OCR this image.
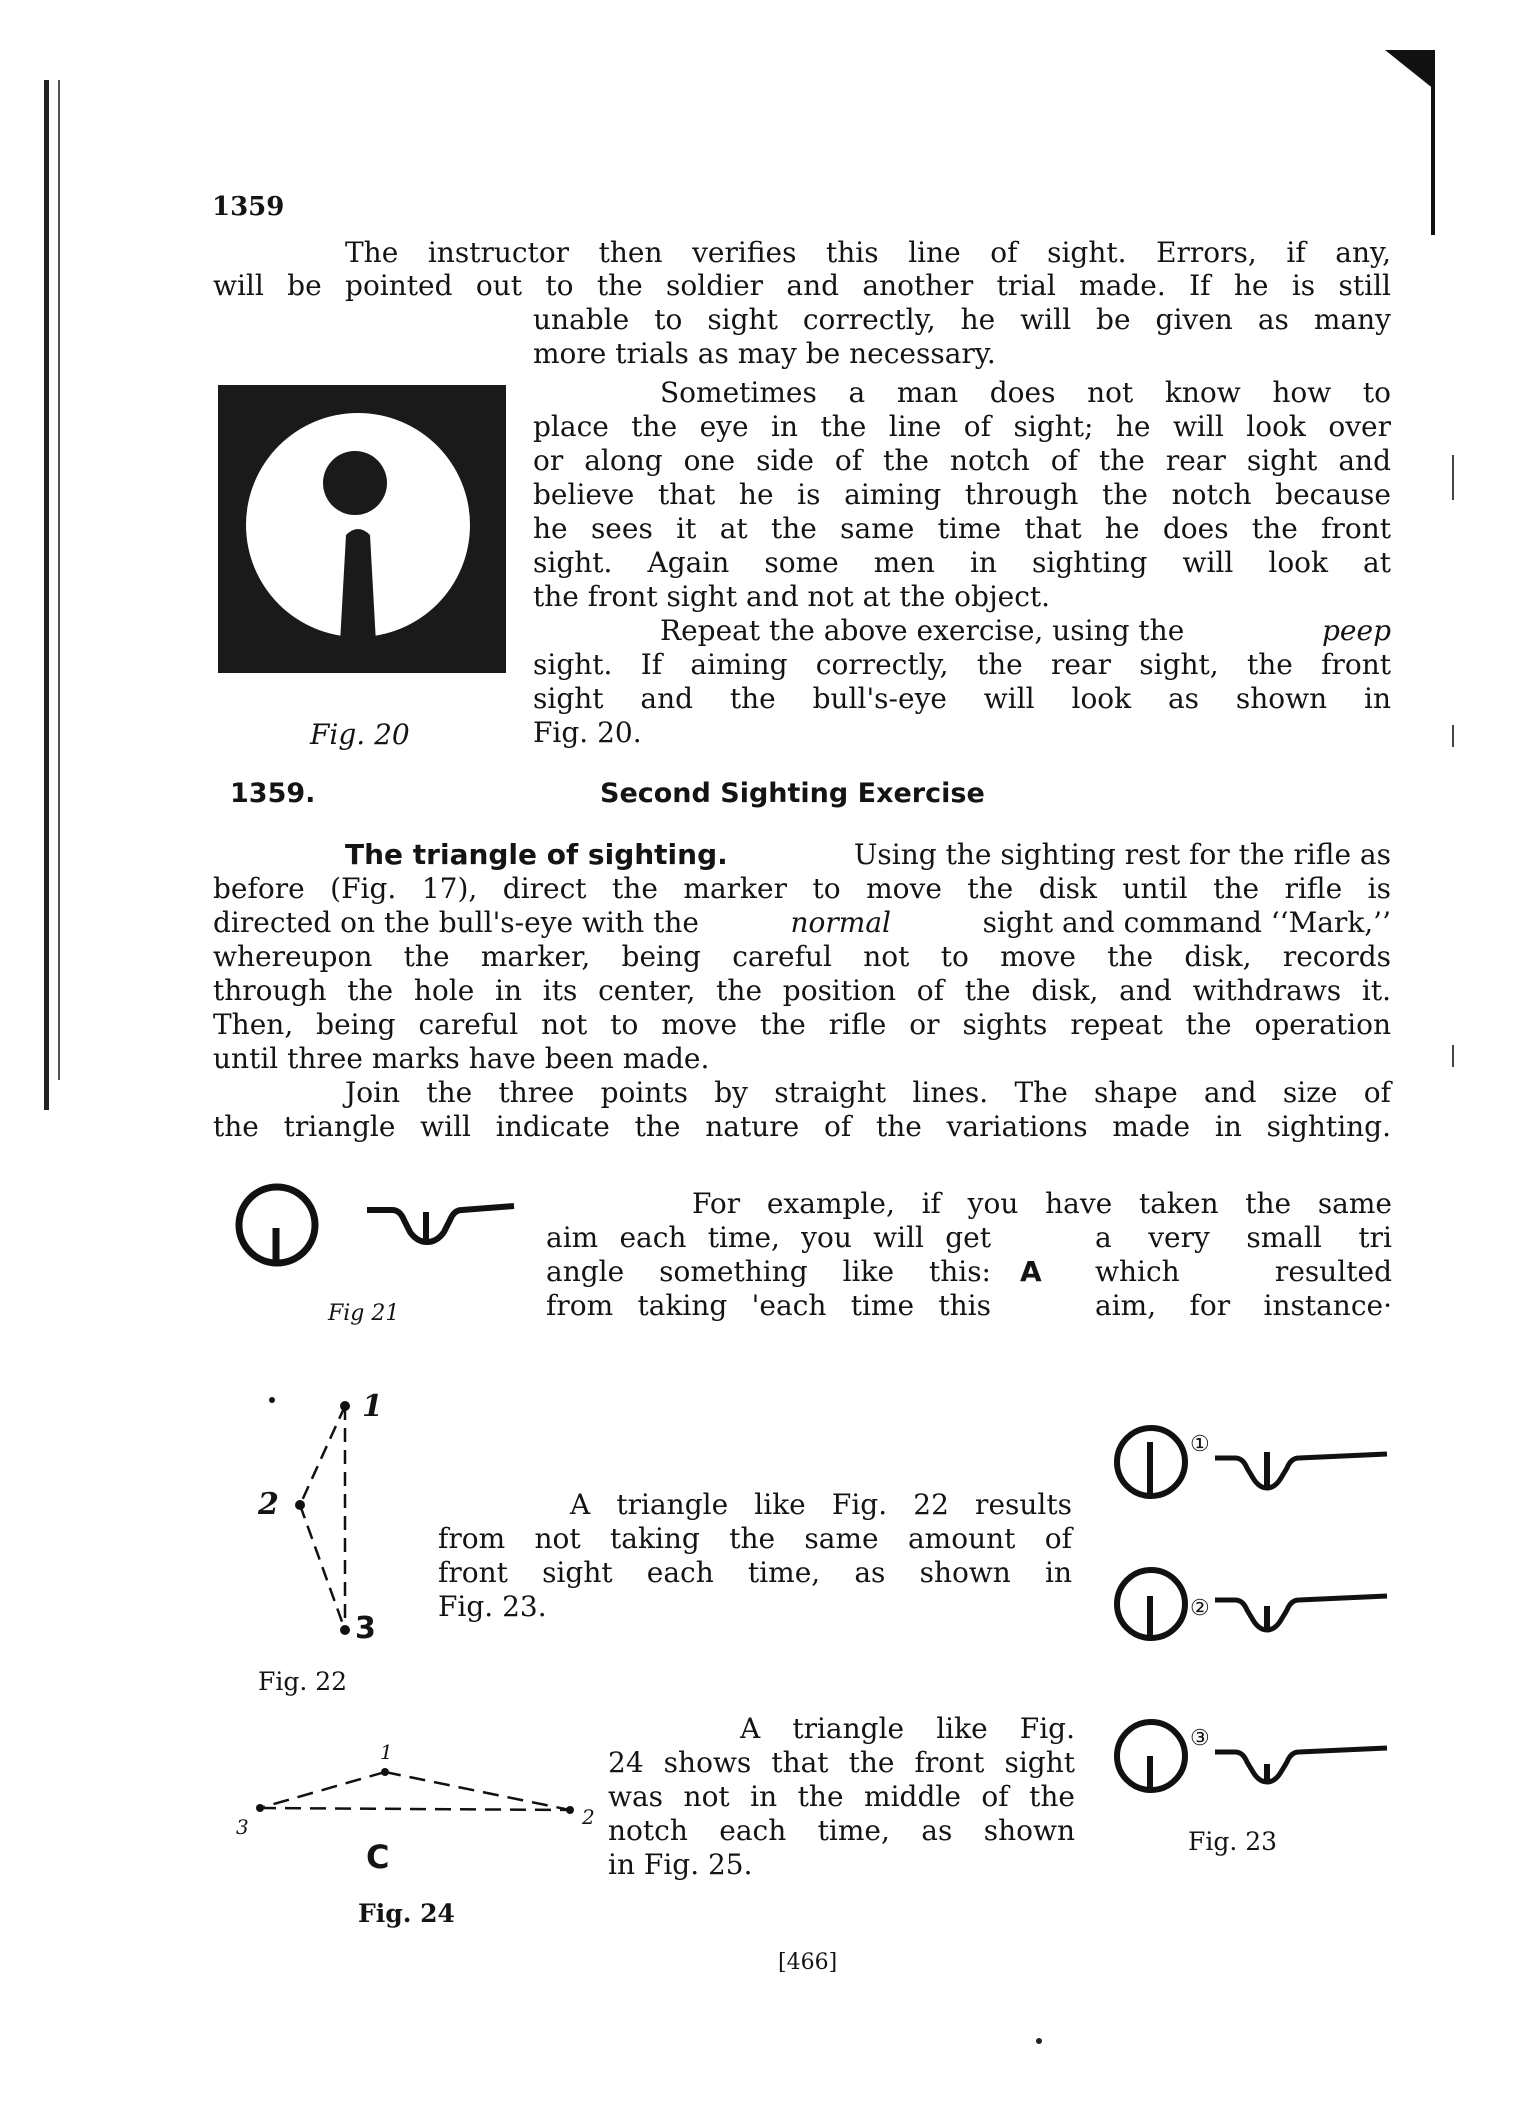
1359
The instructor then verifies this line of sight. Errors, if any,
will be pointed out to the soldier and another trial made. If he is still
unable to sight correctly, he will be given as many
more trials as may be necessary.
Fig. 20
Sometimes a man does not know how to
place the eye in the line of sight; he will look over
or along one side of the notch of the rear sight and
believe that he is aiming through the notch because
he sees it at the same time that he does the front
sight. Again some men in sighting will look at
the front sight and not at the object.
Repeat the above exercise, using the	peep
sight. If aiming correctly, the rear sight, the front
sight and the bull's-eye will look as shown in
Fig. 20.
1359.	Second Sighting Exercise
The triangle of sighting.	Using the sighting rest for the rifle as
before (Fig. 17), direct the marker to move the disk until the rifle is
directed on the bull's-eye with the	normal	sight and command ‘‘Mark,’’
whereupon the marker, being careful not to move the disk, records
through the hole in its center, the position of the disk, and withdraws it.
Then, being careful not to move the rifle or sights repeat the operation
until three marks have been made.
Join the three points by straight lines. The shape and size of
the triangle will indicate the nature of the variations made in sighting.
Fig 21
For example, if you have taken the same
aim each time, you will get
angle something like this:
from taking 'each time this
A
a very small tri
which resulted
aim, for instance·
1
2
3
Fig. 22
A triangle like Fig. 22 results
from not taking the same amount of
front sight each time, as shown in
Fig. 23.
①
②
③
Fig. 23
1
2
3
C
Fig. 24
A triangle like Fig.
24 shows that the front sight
was not in the middle of the
notch each time, as shown
in Fig. 25.
[466]
